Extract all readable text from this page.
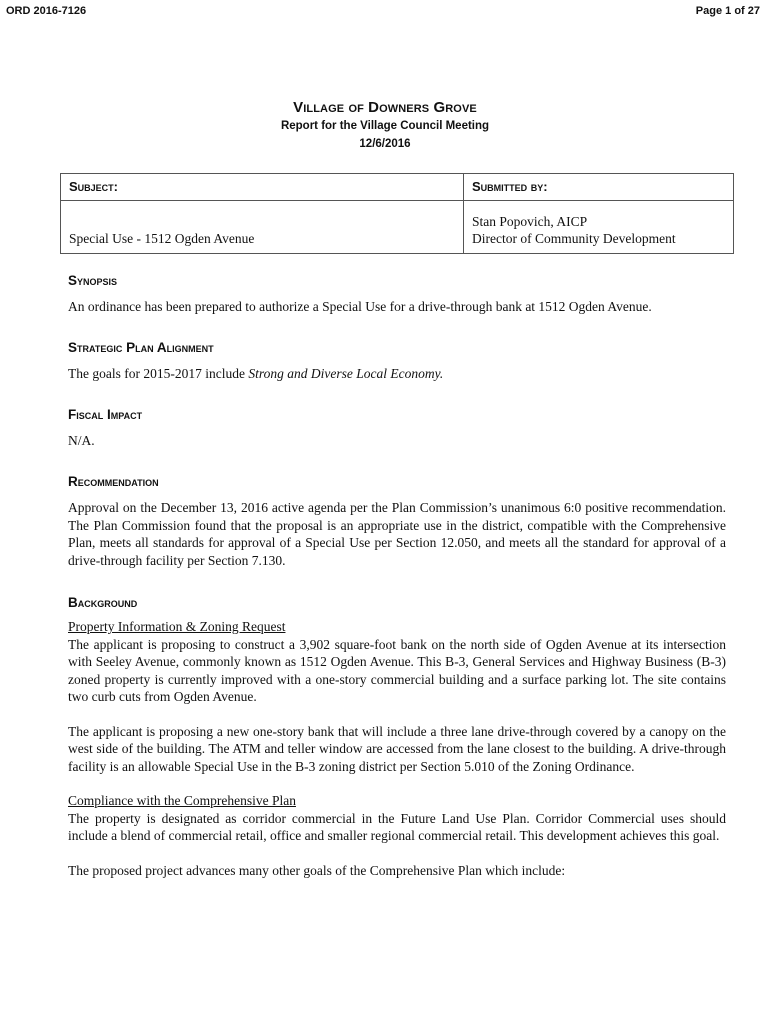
ORD 2016-7126	Page 1 of 27
Village of Downers Grove
Report for the Village Council Meeting
12/6/2016
Subject:	Submitted by:

Special Use - 1512 Ogden Avenue	Stan Popovich, AICP
Director of Community Development
Synopsis
An ordinance has been prepared to authorize a Special Use for a drive-through bank at 1512 Ogden Avenue.
Strategic Plan Alignment
The goals for 2015-2017 include Strong and Diverse Local Economy.
Fiscal Impact
N/A.
Recommendation
Approval on the December 13, 2016 active agenda per the Plan Commission’s unanimous 6:0 positive recommendation. The Plan Commission found that the proposal is an appropriate use in the district, compatible with the Comprehensive Plan, meets all standards for approval of a Special Use per Section 12.050, and meets all the standard for approval of a drive-through facility per Section 7.130.
Background
Property Information & Zoning Request
The applicant is proposing to construct a 3,902 square-foot bank on the north side of Ogden Avenue at its intersection with Seeley Avenue, commonly known as 1512 Ogden Avenue. This B-3, General Services and Highway Business (B-3) zoned property is currently improved with a one-story commercial building and a surface parking lot. The site contains two curb cuts from Ogden Avenue.
The applicant is proposing a new one-story bank that will include a three lane drive-through covered by a canopy on the west side of the building. The ATM and teller window are accessed from the lane closest to the building. A drive-through facility is an allowable Special Use in the B-3 zoning district per Section 5.010 of the Zoning Ordinance.
Compliance with the Comprehensive Plan
The property is designated as corridor commercial in the Future Land Use Plan. Corridor Commercial uses should include a blend of commercial retail, office and smaller regional commercial retail. This development achieves this goal.
The proposed project advances many other goals of the Comprehensive Plan which include:
